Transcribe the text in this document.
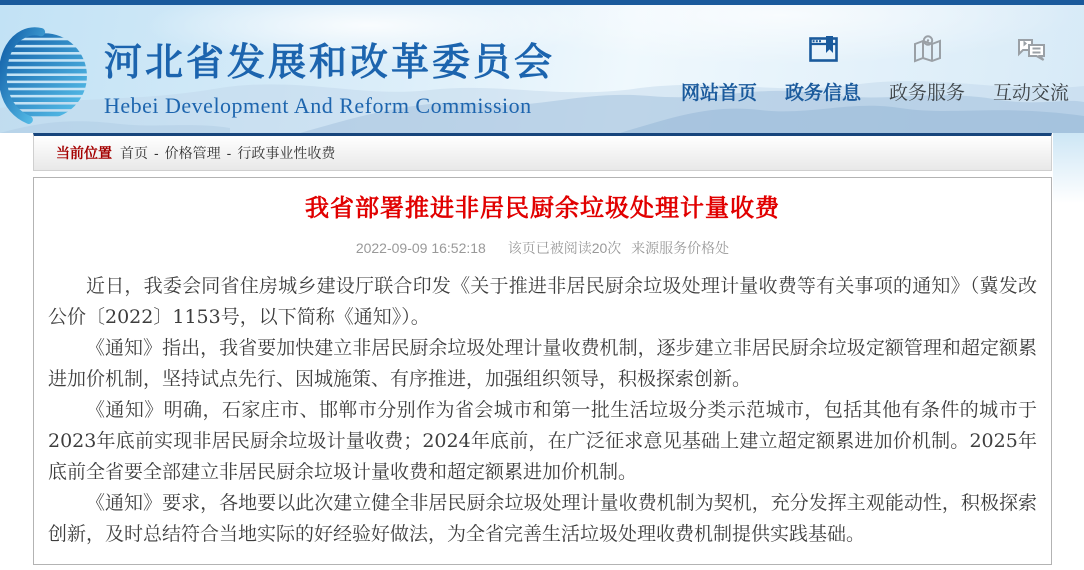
河北省发展和改革委员会
Hebei Development And Reform Commission	网站首页 政务信息 政务服务 互动交流
当前位置 首页 - 价格管理 - 行政事业性收费
我省部署推进非居民厨余垃圾处理计量收费
2022-09-09 16:52:18 该页已被阅读20次 来源服务价格处

近日，我委会同省住房城乡建设厅联合印发《关于推进非居民厨余垃圾处理计量收费等有关事项的通知》（冀发改公价〔2022〕1153号，以下简称《通知》）。

《通知》指出，我省要加快建立非居民厨余垃圾处理计量收费机制，逐步建立非居民厨余垃圾定额管理和超定额累进加价机制，坚持试点先行、因城施策、有序推进，加强组织领导，积极探索创新。

《通知》明确，石家庄市、邯郸市分别作为省会城市和第一批生活垃圾分类示范城市，包括其他有条件的城市于2023年底前实现非居民厨余垃圾计量收费；2024年底前，在广泛征求意见基础上建立超定额累进加价机制。2025年底前全省要全部建立非居民厨余垃圾计量收费和超定额累进加价机制。

《通知》要求，各地要以此次建立健全非居民厨余垃圾处理计量收费机制为契机，充分发挥主观能动性，积极探索创新，及时总结符合当地实际的好经验好做法，为全省完善生活垃圾处理收费机制提供实践基础。
